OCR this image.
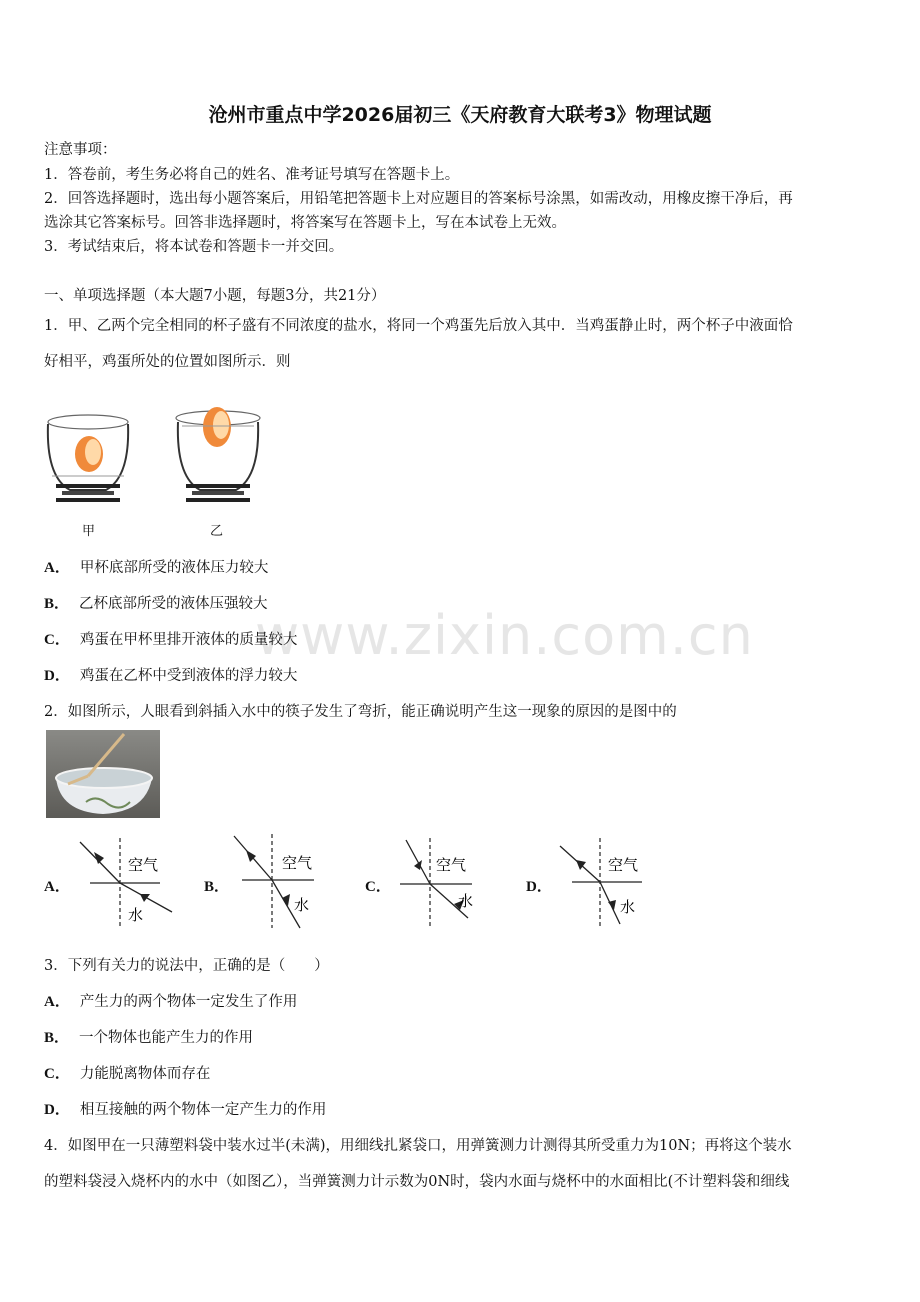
www.zixin.com.cn
沧州市重点中学2026届初三《天府教育大联考3》物理试题
注意事项：
1．答卷前，考生务必将自己的姓名、准考证号填写在答题卡上。
2．回答选择题时，选出每小题答案后，用铅笔把答题卡上对应题目的答案标号涂黑，如需改动，用橡皮擦干净后，再
选涂其它答案标号。回答非选择题时，将答案写在答题卡上，写在本试卷上无效。
3．考试结束后，将本试卷和答题卡一并交回。
一、单项选择题（本大题7小题，每题3分，共21分）
1．甲、乙两个完全相同的杯子盛有不同浓度的盐水，将同一个鸡蛋先后放入其中．当鸡蛋静止时，两个杯子中液面恰
好相平，鸡蛋所处的位置如图所示．则
甲	乙
A． 甲杯底部所受的液体压力较大
B． 乙杯底部所受的液体压强较大
C． 鸡蛋在甲杯里排开液体的质量较大
D． 鸡蛋在乙杯中受到液体的浮力较大
2．如图所示，人眼看到斜插入水中的筷子发生了弯折，能正确说明产生这一现象的原因的是图中的
A．
空气
水
B．
空气
水
C．
空气
水
D．
空气
水
3．下列有关力的说法中，正确的是（　　）
A． 产生力的两个物体一定发生了作用
B． 一个物体也能产生力的作用
C． 力能脱离物体而存在
D． 相互接触的两个物体一定产生力的作用
4．如图甲在一只薄塑料袋中装水过半(未满)，用细线扎紧袋口，用弹簧测力计测得其所受重力为10N；再将这个装水
的塑料袋浸入烧杯内的水中（如图乙），当弹簧测力计示数为0N时，袋内水面与烧杯中的水面相比(不计塑料袋和细线
